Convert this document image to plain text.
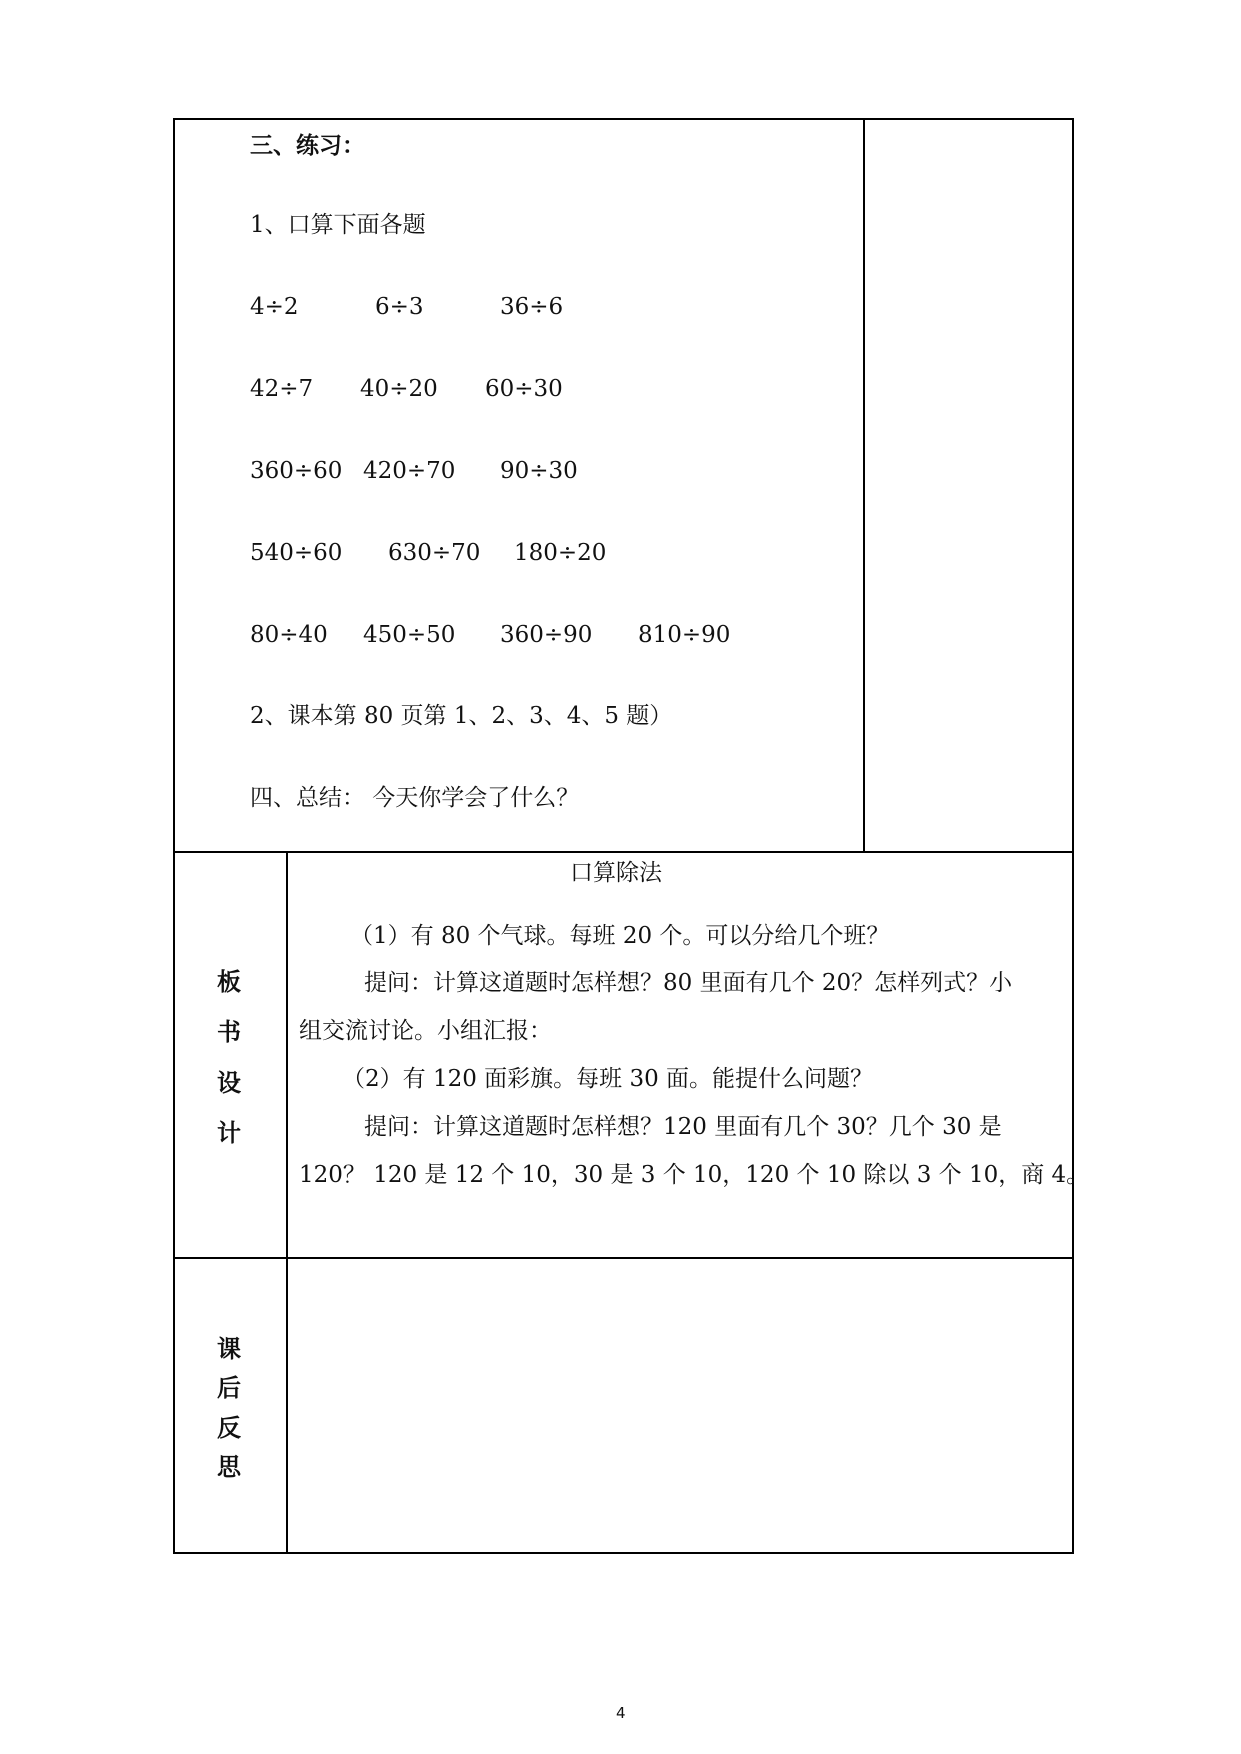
三、练习：
1、口算下面各题
4÷2	6÷3	36÷6
42÷7 40÷20 60÷30
360÷60 420÷70 90÷30
540÷60 630÷70 180÷20
80÷40 450÷50 360÷90 810÷90
2、课本第 80 页第 1、2、3、4、5 题）
四、总结： 今天你学会了什么？
板
书
设
计
口算除法
（1）有 80 个气球。每班 20 个。可以分给几个班？
提问：计算这道题时怎样想？80 里面有几个 20？怎样列式？小
组交流讨论。小组汇报：
（2）有 120 面彩旗。每班 30 面。能提什么问题？
提问：计算这道题时怎样想？120 里面有几个 30？几个 30 是
120？ 120 是 12 个 10，30 是 3 个 10，120 个 10 除以 3 个 10，商 4。
课
后
反
思
4
